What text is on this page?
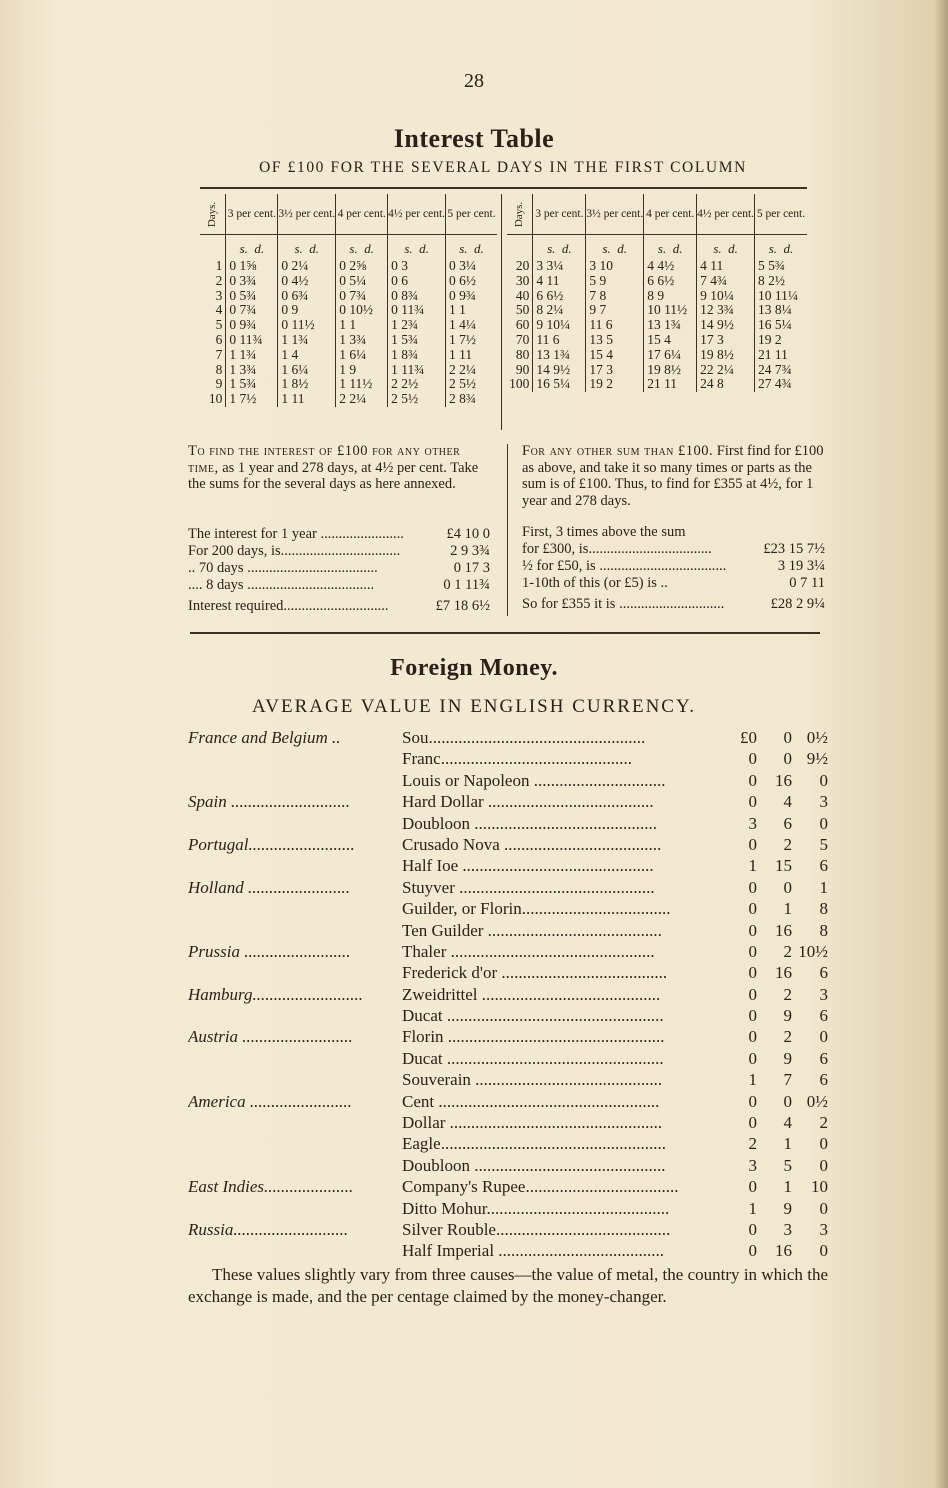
28
Interest Table
OF £100 FOR THE SEVERAL DAYS IN THE FIRST COLUMN
Days.	3 per cent.	3½ per cent.	4 per cent.	4½ per cent.	5 per cent.
	s. d.	s. d.	s. d.	s. d.	s. d.
1	0 1⅝	0 2¼	0 2⅝	0 3	0 3¼
2	0 3¾	0 4½	0 5¼	0 6	0 6½
3	0 5¾	0 6¾	0 7¾	0 8¾	0 9¾
4	0 7¾	0 9	0 10½	0 11¾	1 1
5	0 9¾	0 11½	1 1	1 2¾	1 4¼
6	0 11¾	1 1¾	1 3¾	1 5¾	1 7½
7	1 1¾	1 4	1 6¼	1 8¾	1 11
8	1 3¾	1 6¼	1 9	1 11¾	2 2¼
9	1 5¾	1 8½	1 11½	2 2½	2 5½
10	1 7½	1 11	2 2¼	2 5½	2 8¾
Days.	3 per cent.	3½ per cent.	4 per cent.	4½ per cent.	5 per cent.
	s. d.	s. d.	s. d.	s. d.	s. d.
20	3 3¼	3 10	4 4½	4 11	5 5¾
30	4 11	5 9	6 6½	7 4¾	8 2½
40	6 6½	7 8	8 9	9 10¼	10 11¼
50	8 2¼	9 7	10 11½	12 3¾	13 8¼
60	9 10¼	11 6	13 1¾	14 9½	16 5¼
70	11 6	13 5	15 4	17 3	19 2
80	13 1¾	15 4	17 6¼	19 8½	21 11
90	14 9½	17 3	19 8½	22 2¼	24 7¾
100	16 5¼	19 2	21 11	24 8	27 4¾
To find the interest of £100 for any other time, as 1 year and 278 days, at 4½ per cent. Take the sums for the several days as here annexed.
The interest for 1 year .......................	£4 10 0
For 200 days, is.................................	2 9 3¾
.. 70 days ....................................	0 17 3
.... 8 days ...................................	0 1 11¾
Interest required.............................	£7 18 6½
For any other sum than £100. First find for £100 as above, and take it so many times or parts as the sum is of £100. Thus, to find for £355 at 4½, for 1 year and 278 days.
First, 3 times above the sum
for £300, is..................................	£23 15 7½
½ for £50, is ...................................	3 19 3¼
1-10th of this (or £5) is ..	0 7 11
So for £355 it is .............................	£28 2 9¼
Foreign Money.
AVERAGE VALUE IN ENGLISH CURRENCY.
France and Belgium ..	Sou...................................................	£0	0 0½
Franc.............................................	0	0 9½
Louis or Napoleon ...............................	0	16	0
Spain ............................	Hard Dollar .......................................	0	4	3
Doubloon ...........................................	3	6	0
Portugal.........................	Crusado Nova .....................................	0	2	5
Half Ioe .............................................	1	15	6
Holland ........................	Stuyver ..............................................	0	0	1
Guilder, or Florin...................................	0	1	8
Ten Guilder .........................................	0	16	8
Prussia .........................	Thaler ................................................	0	2 10½
Frederick d'or .......................................	0	16	6
Hamburg..........................	Zweidrittel ..........................................	0	2	3
Ducat ...................................................	0	9	6
Austria ..........................	Florin ...................................................	0	2	0
Ducat ...................................................	0	9	6
Souverain ............................................	1	7	6
America ........................	Cent ....................................................	0	0 0½
Dollar ..................................................	0	4	2
Eagle.....................................................	2	1	0
Doubloon .............................................	3	5	0
East Indies.....................	Company's Rupee....................................	0	1	10
Ditto Mohur...........................................	1	9	0
Russia...........................	Silver Rouble.........................................	0	3	3
Half Imperial .......................................	0	16	0
These values slightly vary from three causes—the value of metal, the country in which the exchange is made, and the per centage claimed by the money-changer.
